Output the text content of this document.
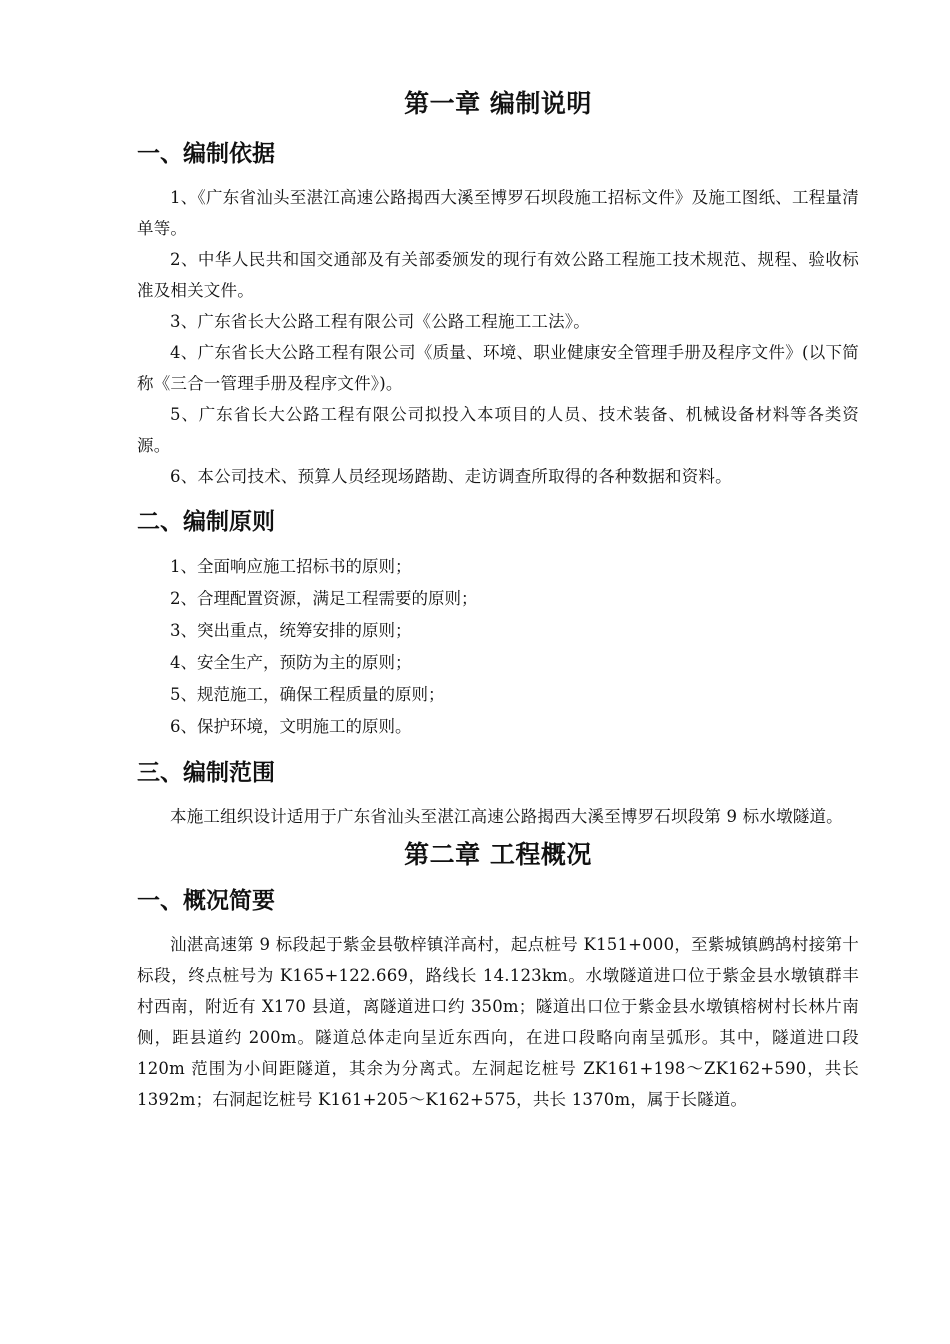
第一章 编制说明
一、编制依据

1、《广东省汕头至湛江高速公路揭西大溪至博罗石坝段施工招标文件》及施工图纸、工程量清单等。

2、中华人民共和国交通部及有关部委颁发的现行有效公路工程施工技术规范、规程、验收标准及相关文件。

3、广东省长大公路工程有限公司《公路工程施工工法》。

4、广东省长大公路工程有限公司《质量、环境、职业健康安全管理手册及程序文件》(以下简称《三合一管理手册及程序文件》)。

5、广东省长大公路工程有限公司拟投入本项目的人员、技术装备、机械设备材料等各类资源。

6、本公司技术、预算人员经现场踏勘、走访调查所取得的各种数据和资料。

二、编制原则

1、全面响应施工招标书的原则；

2、合理配置资源，满足工程需要的原则；

3、突出重点，统筹安排的原则；

4、安全生产，预防为主的原则；

5、规范施工，确保工程质量的原则；

6、保护环境，文明施工的原则。

三、编制范围

本施工组织设计适用于广东省汕头至湛江高速公路揭西大溪至博罗石坝段第 9 标水墩隧道。

第二章 工程概况
一、概况简要

汕湛高速第 9 标段起于紫金县敬梓镇洋高村，起点桩号 K151+000，至紫城镇鹧鸪村接第十标段，终点桩号为 K165+122.669，路线长 14.123km。水墩隧道进口位于紫金县水墩镇群丰村西南，附近有 X170 县道，离隧道进口约 350m；隧道出口位于紫金县水墩镇榕树村长林片南侧，距县道约 200m。隧道总体走向呈近东西向，在进口段略向南呈弧形。其中，隧道进口段 120m 范围为小间距隧道，其余为分离式。左洞起讫桩号 ZK161+198～ZK162+590，共长 1392m；右洞起讫桩号 K161+205～K162+575，共长 1370m，属于长隧道。
